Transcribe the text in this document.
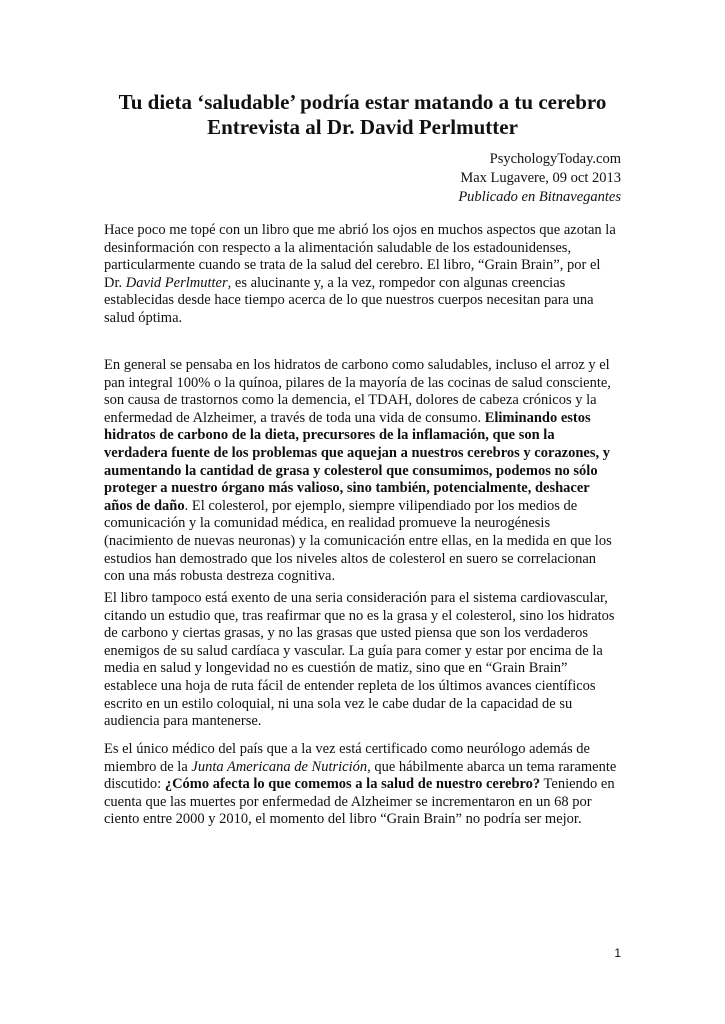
Tu dieta ‘saludable’ podría estar matando a tu cerebro
Entrevista al Dr. David Perlmutter

PsychologyToday.com

Max Lugavere, 09 oct 2013

Publicado en Bitnavegantes

Hace poco me topé con un libro que me abrió los ojos en muchos aspectos que azotan la
desinformación con respecto a la alimentación saludable de los estadounidenses,
particularmente cuando se trata de la salud del cerebro. El libro, “Grain Brain”, por el
Dr. David Perlmutter, es alucinante y, a la vez, rompedor con algunas creencias
establecidas desde hace tiempo acerca de lo que nuestros cuerpos necesitan para una
salud óptima.
En general se pensaba en los hidratos de carbono como saludables, incluso el arroz y el
pan integral 100% o la quínoa, pilares de la mayoría de las cocinas de salud consciente,
son causa de trastornos como la demencia, el TDAH, dolores de cabeza crónicos y la
enfermedad de Alzheimer, a través de toda una vida de consumo. Eliminando estos
hidratos de carbono de la dieta, precursores de la inflamación, que son la
verdadera fuente de los problemas que aquejan a nuestros cerebros y corazones, y
aumentando la cantidad de grasa y colesterol que consumimos, podemos no sólo
proteger a nuestro órgano más valioso, sino también, potencialmente, deshacer
años de daño. El colesterol, por ejemplo, siempre vilipendiado por los medios de
comunicación y la comunidad médica, en realidad promueve la neurogénesis
(nacimiento de nuevas neuronas) y la comunicación entre ellas, en la medida en que los
estudios han demostrado que los niveles altos de colesterol en suero se correlacionan
con una más robusta destreza cognitiva.
El libro tampoco está exento de una seria consideración para el sistema cardiovascular,
citando un estudio que, tras reafirmar que no es la grasa y el colesterol, sino los hidratos
de carbono y ciertas grasas, y no las grasas que usted piensa que son los verdaderos
enemigos de su salud cardíaca y vascular. La guía para comer y estar por encima de la
media en salud y longevidad no es cuestión de matiz, sino que en “Grain Brain”
establece una hoja de ruta fácil de entender repleta de los últimos avances científicos
escrito en un estilo coloquial, ni una sola vez le cabe dudar de la capacidad de su
audiencia para mantenerse.
Es el único médico del país que a la vez está certificado como neurólogo además de
miembro de la Junta Americana de Nutrición, que hábilmente abarca un tema raramente
discutido: ¿Cómo afecta lo que comemos a la salud de nuestro cerebro? Teniendo en
cuenta que las muertes por enfermedad de Alzheimer se incrementaron en un 68 por
ciento entre 2000 y 2010, el momento del libro “Grain Brain” no podría ser mejor.
1
